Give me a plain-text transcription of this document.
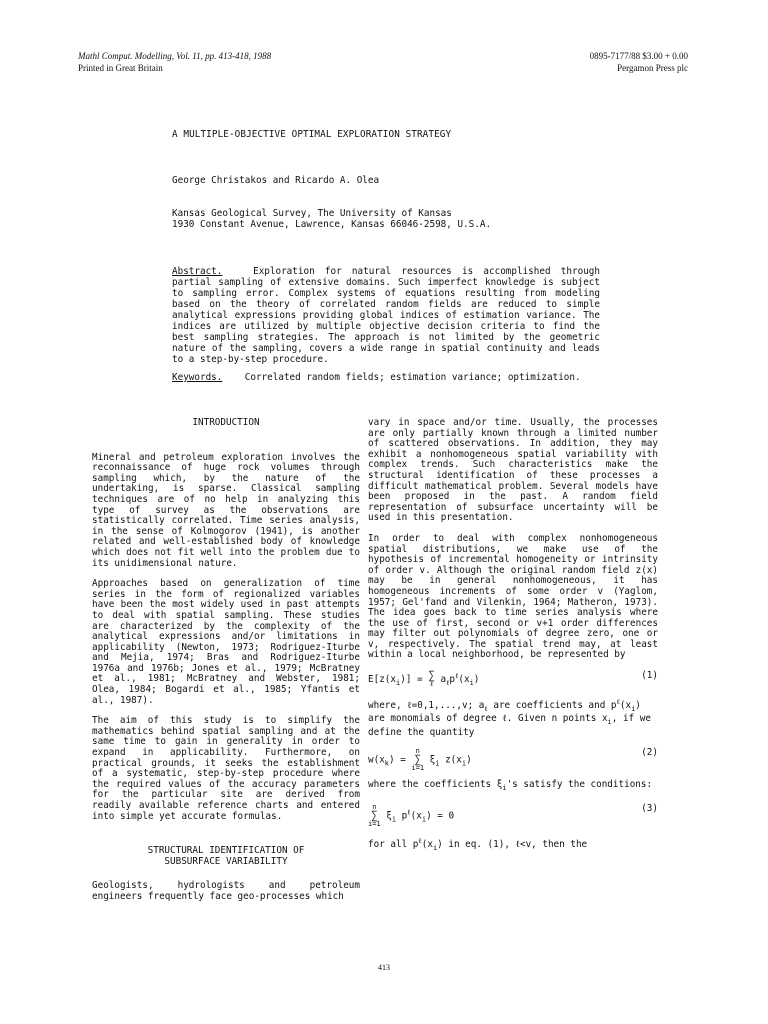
Mathl Comput. Modelling, Vol. 11, pp. 413-418, 1988
Printed in Great Britain
0895-7177/88 $3.00 + 0.00
Pergamon Press plc
A MULTIPLE-OBJECTIVE OPTIMAL EXPLORATION STRATEGY
George Christakos and Ricardo A. Olea
Kansas Geological Survey, The University of Kansas
1930 Constant Avenue, Lawrence, Kansas 66046-2598, U.S.A.
Abstract.	Exploration for natural resources is accomplished through partial sampling of extensive domains. Such imperfect knowledge is subject to sampling error. Complex systems of equations resulting from modeling based on the theory of correlated random fields are reduced to simple analytical expressions providing global indices of estimation variance. The indices are utilized by multiple objective decision criteria to find the best sampling strategies. The approach is not limited by the geometric nature of the sampling, covers a wide range in spatial continuity and leads to a step-by-step procedure.
Keywords. Correlated random fields; estimation variance; optimization.
INTRODUCTION

Mineral and petroleum exploration involves the reconnaissance of huge rock volumes through sampling which, by the nature of the undertaking, is sparse. Classical sampling techniques are of no help in analyzing this type of survey as the observations are statistically correlated. Time series analysis, in the sense of Kolmogorov (1941), is another related and well-established body of knowledge which does not fit well into the problem due to its unidimensional nature.

Approaches based on generalization of time series in the form of regionalized variables have been the most widely used in past attempts to deal with spatial sampling. These studies are characterized by the complexity of the analytical expressions and/or limitations in applicability (Newton, 1973; Rodriguez-Iturbe and Mejia, 1974; Bras and Rodriguez-Iturbe 1976a and 1976b; Jones et al., 1979; McBratney et al., 1981; McBratney and Webster, 1981; Olea, 1984; Bogardi et al., 1985; Yfantis et al., 1987).

The aim of this study is to simplify the mathematics behind spatial sampling and at the same time to gain in generality in order to expand in applicability. Furthermore, on practical grounds, it seeks the establishment of a systematic, step-by-step procedure where the required values of the accuracy parameters for the particular site are derived from readily available reference charts and entered into simple yet accurate formulas.

STRUCTURAL IDENTIFICATION OF
SUBSURFACE VARIABILITY

Geologists, hydrologists and petroleum engineers frequently face geo-processes which

vary in space and/or time. Usually, the processes are only partially known through a limited number of scattered observations. In addition, they may exhibit a nonhomogeneous spatial variability with complex trends. Such characteristics make the structural identification of these processes a difficult mathematical problem. Several models have been proposed in the past. A random field representation of subsurface uncertainty will be used in this presentation.

In order to deal with complex nonhomogeneous spatial distributions, we make use of the hypothesis of incremental homogeneity or intrinsity of order v. Although the original random field z(x) may be in general nonhomogeneous, it has homogeneous increments of some order v (Yaglom, 1957; Gel'fand and Vilenkin, 1964; Matheron, 1973). The idea goes back to time series analysis where the use of first, second or v+1 order differences may filter out polynomials of degree zero, one or v, respectively. The spatial trend may, at least within a local neighborhood, be represented by

$E[z(x_i)]$ = ∑
ℓ $a_\ell p^\ell(x_i)$	(1)

where, ℓ=0,1,...,v; $a_\ell$ are coefficients and $p^\ell(x_i)$ are monomials of degree ℓ. Given n points $x_i$, if we define the quantity

$w(x_k) = n$
∑
i=1 $\xi_i$ $z(x_i)$
(2)

where the coefficients $\xi_i's$ satisfy the conditions:

n
∑
i=1 $\xi_i$ $p^\ell(x_i) = 0$
(3)

for all $p^\ell(x_i)$ in eq. (1), ℓ<v, then the

413
